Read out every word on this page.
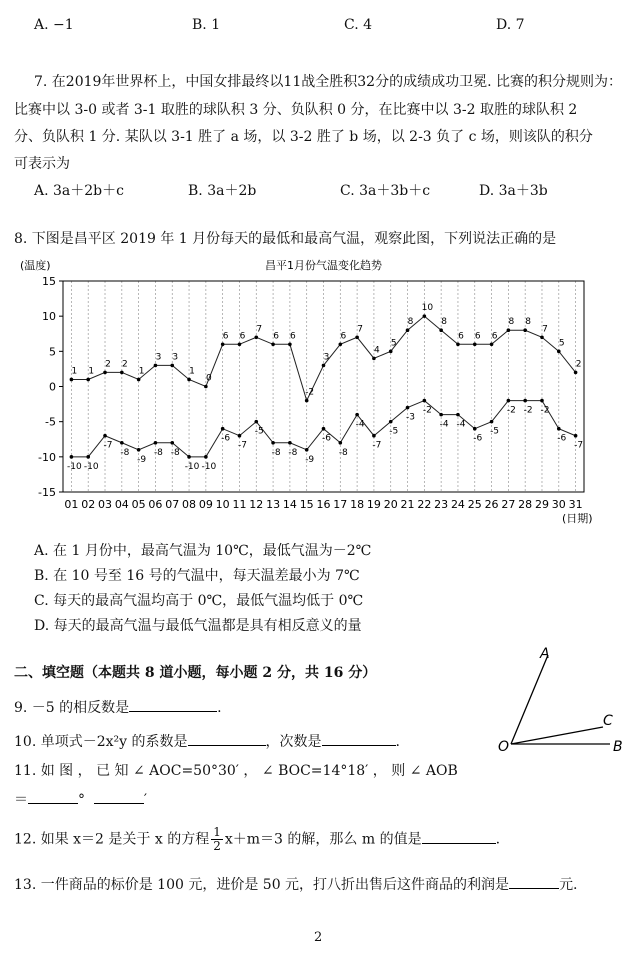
A. −1	B. 1	C. 4	D. 7
7. 在2019年世界杯上，中国女排最终以11战全胜积32分的成绩成功卫冕. 比赛的积分规则为：
比赛中以 3-0 或者 3-1 取胜的球队积 3 分、负队积 0 分，在比赛中以 3-2 取胜的球队积 2
分、负队积 1 分. 某队以 3-1 胜了 a 场，以 3-2 胜了 b 场，以 2-3 负了 c 场，则该队的积分
可表示为
A. 3a＋2b＋c	B. 3a＋2b	C. 3a＋3b＋c	D. 3a＋3b
8. 下图是昌平区 2019 年 1 月份每天的最低和最高气温，观察此图，下列说法正确的是
15
10
5
0
-5
-10
-15
01 02 03 04 05 06 07 08 09 10 11 12 13 14 15 16 17 18 19 20 21 22 23 24 25 26 27 28 29 30 31
昌平1月份气温变化趋势
(温度)
(日期)
1 1
2 2
1
3 3
1
0
6 6
7
6 6
-2
3
6
7
4
5
8
10
8
6 6 6
8 8
7
5
2
-10 -10
-7
-8
-9
-8 -8
-10 -10
-6
-7
-5
-8 -8
-9
-6
-8
-4
-7
-5
-3
-2
-4 -4
-6
-5
-2 -2 -2
-6
-7
A. 在 1 月份中，最高气温为 10℃，最低气温为－2℃
B. 在 10 号至 16 号的气温中，每天温差最小为 7℃
C. 每天的最高气温均高于 0℃，最低气温均低于 0℃
D. 每天的最高气温与最低气温都是具有相反意义的量
二、填空题（本题共 8 道小题，每小题 2 分，共 16 分）
A
C
O	B
9. －5 的相反数是	.
10. 单项式－2x²y 的系数是	，次数是	.
11. 如 图 ， 已 知 ∠ AOC=50°30′ ， ∠ BOC=14°18′ ， 则 ∠ AOB
＝	°	′
12. 如果 x＝2 是关于 x 的方程 $\frac{1}{2} x+m=3$ 的解，那么 m 的值是	.
13. 一件商品的标价是 100 元，进价是 50 元，打八折出售后这件商品的利润是	元.
2
